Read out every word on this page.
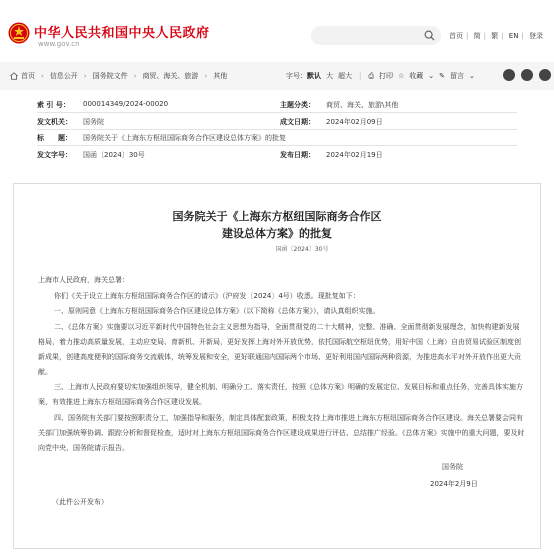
中华人民共和国中央人民政府
www.gov.cn
首页 | 简 | 繁 | EN | 登录
首页 › 信息公开 › 国务院文件 › 商贸、海关、旅游 › 其他	字号： 默认 大 超大 | ⎙ 打印 ☆ 收藏 ⌄ ✎ 留言 ⌄
索 引 号： 000014349/2024-00020	主题分类： 商贸、海关、旅游\其他
发文机关： 国务院	成文日期： 2024年02月09日
标　　题： 国务院关于《上海东方枢纽国际商务合作区建设总体方案》的批复
发文字号： 国函〔2024〕30号	发布日期： 2024年02月19日
国务院关于《上海东方枢纽国际商务合作区
建设总体方案》的批复
国函〔2024〕30号
上海市人民政府，海关总署：
你们《关于设立上海东方枢纽国际商务合作区的请示》（沪府发〔2024〕4号）收悉。现批复如下：
一、原则同意《上海东方枢纽国际商务合作区建设总体方案》（以下简称《总体方案》），请认真组织实施。
二、《总体方案》实施要以习近平新时代中国特色社会主义思想为指导，全面贯彻党的二十大精神，完整、准确、全面贯彻新发展理念，加快构建新发展格局，着力推动高质量发展，主动应变局、育新机、开新局，更好发挥上海对外开放优势，依托国际航空枢纽优势，用好中国（上海）自由贸易试验区制度创新成果，创建高度便利的国际商务交流载体，统筹发展和安全，更好联通国内国际两个市场、更好利用国内国际两种资源，为推进高水平对外开放作出更大贡献。
三、上海市人民政府要切实加强组织领导，健全机制、明确分工、落实责任，按照《总体方案》明确的发展定位、发展目标和重点任务，完善具体实施方案，有效推进上海东方枢纽国际商务合作区建设发展。
四、国务院有关部门要按照职责分工，加强指导和服务，制定具体配套政策，积极支持上海市推进上海东方枢纽国际商务合作区建设。海关总署要会同有关部门加强统筹协调、跟踪分析和督促检查，适时对上海东方枢纽国际商务合作区建设成果进行评估、总结推广经验。《总体方案》实施中的重大问题，要及时向党中央、国务院请示报告。
国务院
2024年2月9日
（此件公开发布）
